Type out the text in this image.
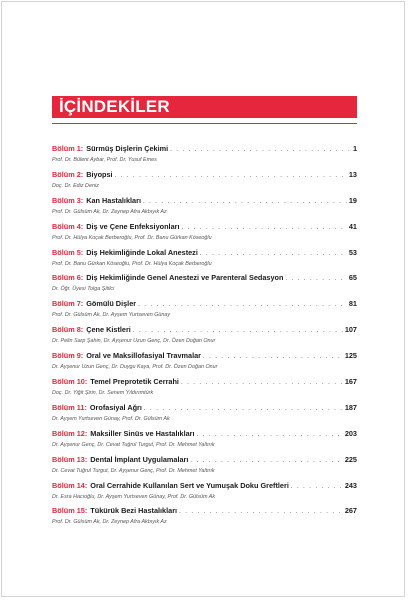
İÇİNDEKİLER
Bölüm 1: Sürmüş Dişlerin Çekimi . . .	1
Prof. Dr. Bülent Aybar, Prof. Dr. Yusuf Emes
Bölüm 2: Biyopsi . . .	13
Doç. Dr. Ediz Deniz
Bölüm 3: Kan Hastalıkları . . .	19
Prof. Dr. Gülsüm Ak, Dr. Zeynep Afra Akbıyık Az
Bölüm 4: Diş ve Çene Enfeksiyonları . . .	41
Prof. Dr. Hülya Koçak Berberoğlu, Prof. Dr. Banu Gürkan Köseoğlu
Bölüm 5: Diş Hekimliğinde Lokal Anestezi . . .	53
Prof. Dr. Banu Gürkan Köseoğlu, Prof. Dr. Hülya Koçak Berberoğlu
Bölüm 6: Diş Hekimliğinde Genel Anestezi ve Parenteral Sedasyon . . .	65
Dr. Öğr. Üyesi Tolga Şitilci
Bölüm 7: Gömülü Dişler . . .	81
Prof. Dr. Gülsüm Ak, Dr. Ayşem Yurtseven Günay
Bölüm 8: Çene Kistleri . . .	107
Dr. Pelin Sarp Şahin, Dr. Ayşenur Uzun Genç, Dr. Özen Doğan Onur
Bölüm 9: Oral ve Maksillofasiyal Travmalar . . .	125
Dr. Ayşenur Uzun Genç, Dr. Duygu Kaya, Prof. Dr. Özen Doğan Onur
Bölüm 10: Temel Preprotetik Cerrahi . . .	167
Doç. Dr. Yiğit Şirin, Dr. Senem Yıldırımtürk
Bölüm 11: Orofasiyal Ağrı . . .	187
Dr. Ayşem Yurtseven Günay, Prof. Dr. Gülsüm Ak
Bölüm 12: Maksiller Sinüs ve Hastalıkları . . .	203
Dr. Ayşenur Genç, Dr. Cevat Tuğrul Turgut, Prof. Dr. Mehmet Yaltırık
Bölüm 13: Dental İmplant Uygulamaları . . .	225
Dr. Cevat Tuğrul Turgut, Dr. Ayşenur Genç, Prof. Dr. Mehmet Yaltırık
Bölüm 14: Oral Cerrahide Kullanılan Sert ve Yumuşak Doku Greftleri . . .	243
Dr. Esra Hacıoğlu, Dr. Ayşem Yurtseven Günay, Prof. Dr. Gülsüm Ak
Bölüm 15: Tükürük Bezi Hastalıkları . . .	267
Prof. Dr. Gülsüm Ak, Dr. Zeynep Afra Akbıyık Az
